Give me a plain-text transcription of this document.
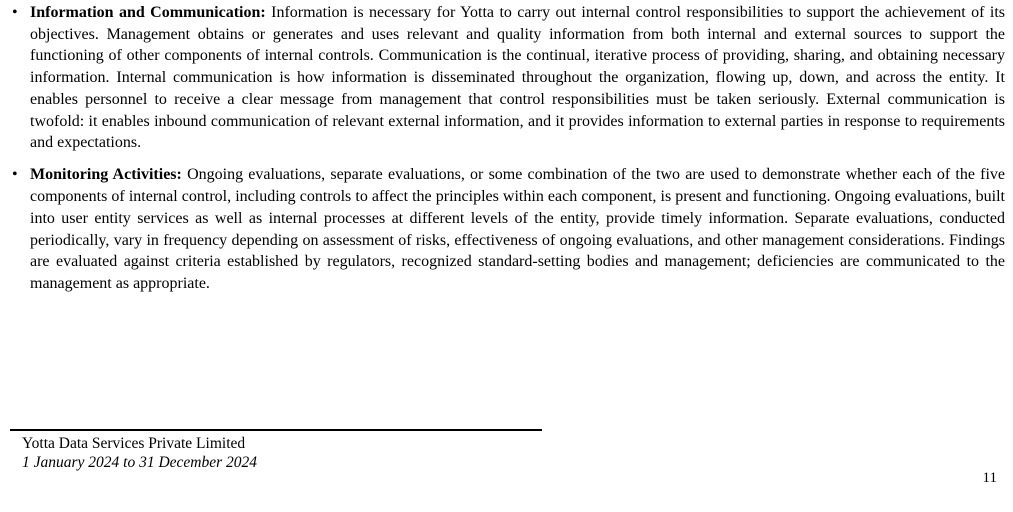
• Information and Communication: Information is necessary for Yotta to carry out internal control responsibilities to support the achievement of its objectives. Management obtains or generates and uses relevant and quality information from both internal and external sources to support the functioning of other components of internal controls. Communication is the continual, iterative process of providing, sharing, and obtaining necessary information. Internal communication is how information is disseminated throughout the organization, flowing up, down, and across the entity. It enables personnel to receive a clear message from management that control responsibilities must be taken seriously. External communication is twofold: it enables inbound communication of relevant external information, and it provides information to external parties in response to requirements and expectations.

• Monitoring Activities: Ongoing evaluations, separate evaluations, or some combination of the two are used to demonstrate whether each of the five components of internal control, including controls to affect the principles within each component, is present and functioning. Ongoing evaluations, built into user entity services as well as internal processes at different levels of the entity, provide timely information. Separate evaluations, conducted periodically, vary in frequency depending on assessment of risks, effectiveness of ongoing evaluations, and other management considerations. Findings are evaluated against criteria established by regulators, recognized standard-setting bodies and management; deficiencies are communicated to the management as appropriate.

Yotta Data Services Private Limited
1 January 2024 to 31 December 2024
11
